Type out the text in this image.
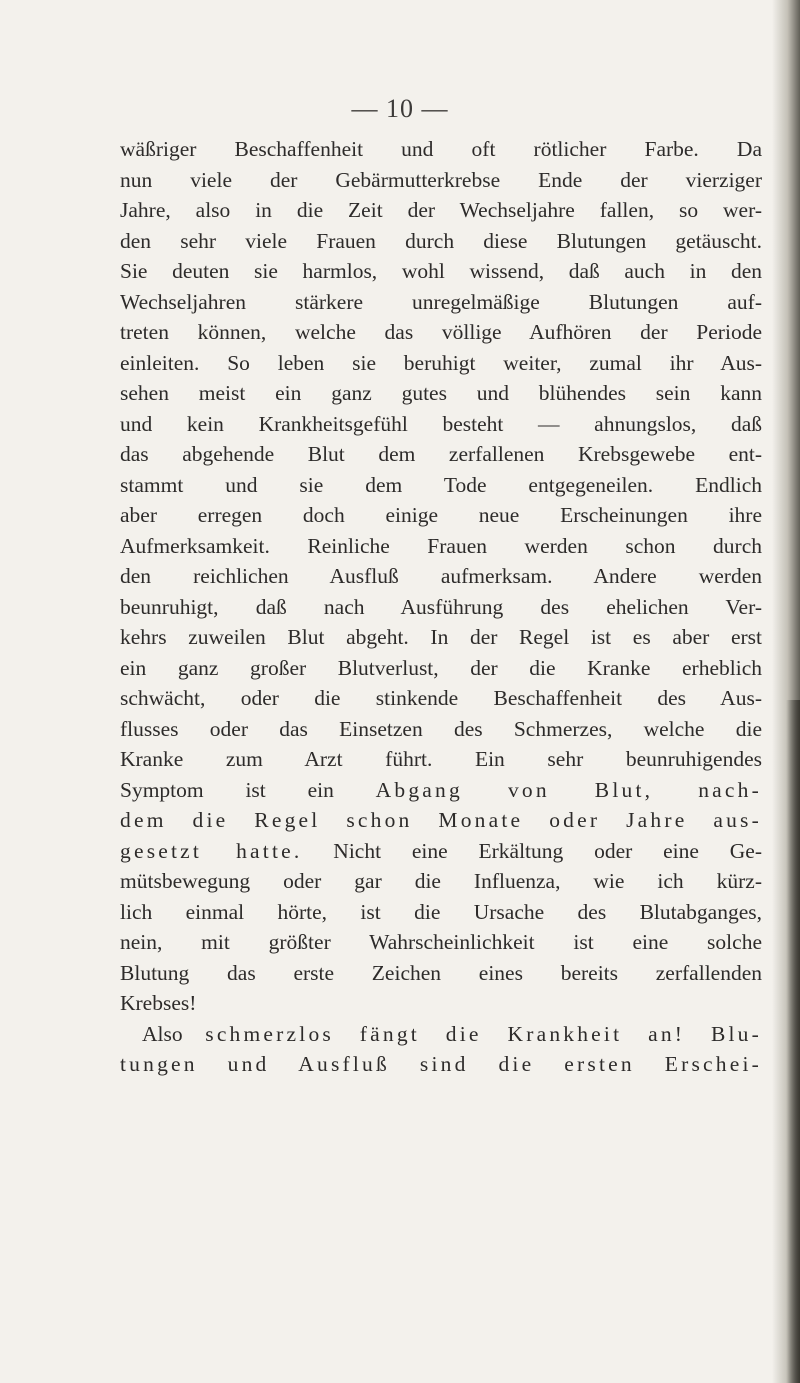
— 10 —
wäßriger Beschaffenheit und oft rötlicher Farbe. Da
nun viele der Gebärmutterkrebse Ende der vierziger
Jahre, also in die Zeit der Wechseljahre fallen, so wer-
den sehr viele Frauen durch diese Blutungen getäuscht.
Sie deuten sie harmlos, wohl wissend, daß auch in den
Wechseljahren stärkere unregelmäßige Blutungen auf-
treten können, welche das völlige Aufhören der Periode
einleiten. So leben sie beruhigt weiter, zumal ihr Aus-
sehen meist ein ganz gutes und blühendes sein kann
und kein Krankheitsgefühl besteht — ahnungslos, daß
das abgehende Blut dem zerfallenen Krebsgewebe ent-
stammt und sie dem Tode entgegeneilen. Endlich
aber erregen doch einige neue Erscheinungen ihre
Aufmerksamkeit. Reinliche Frauen werden schon durch
den reichlichen Ausfluß aufmerksam. Andere werden
beunruhigt, daß nach Ausführung des ehelichen Ver-
kehrs zuweilen Blut abgeht. In der Regel ist es aber erst
ein ganz großer Blutverlust, der die Kranke erheblich
schwächt, oder die stinkende Beschaffenheit des Aus-
flusses oder das Einsetzen des Schmerzes, welche die
Kranke zum Arzt führt. Ein sehr beunruhigendes
Symptom ist ein Abgang von Blut, nach-
dem die Regel schon Monate oder Jahre aus-
gesetzt hatte. Nicht eine Erkältung oder eine Ge-
mütsbewegung oder gar die Influenza, wie ich kürz-
lich einmal hörte, ist die Ursache des Blutabganges,
nein, mit größter Wahrscheinlichkeit ist eine solche
Blutung das erste Zeichen eines bereits zerfallenden
Krebses!
Also schmerzlos fängt die Krankheit an! Blu-
tungen und Ausfluß sind die ersten Erschei-
